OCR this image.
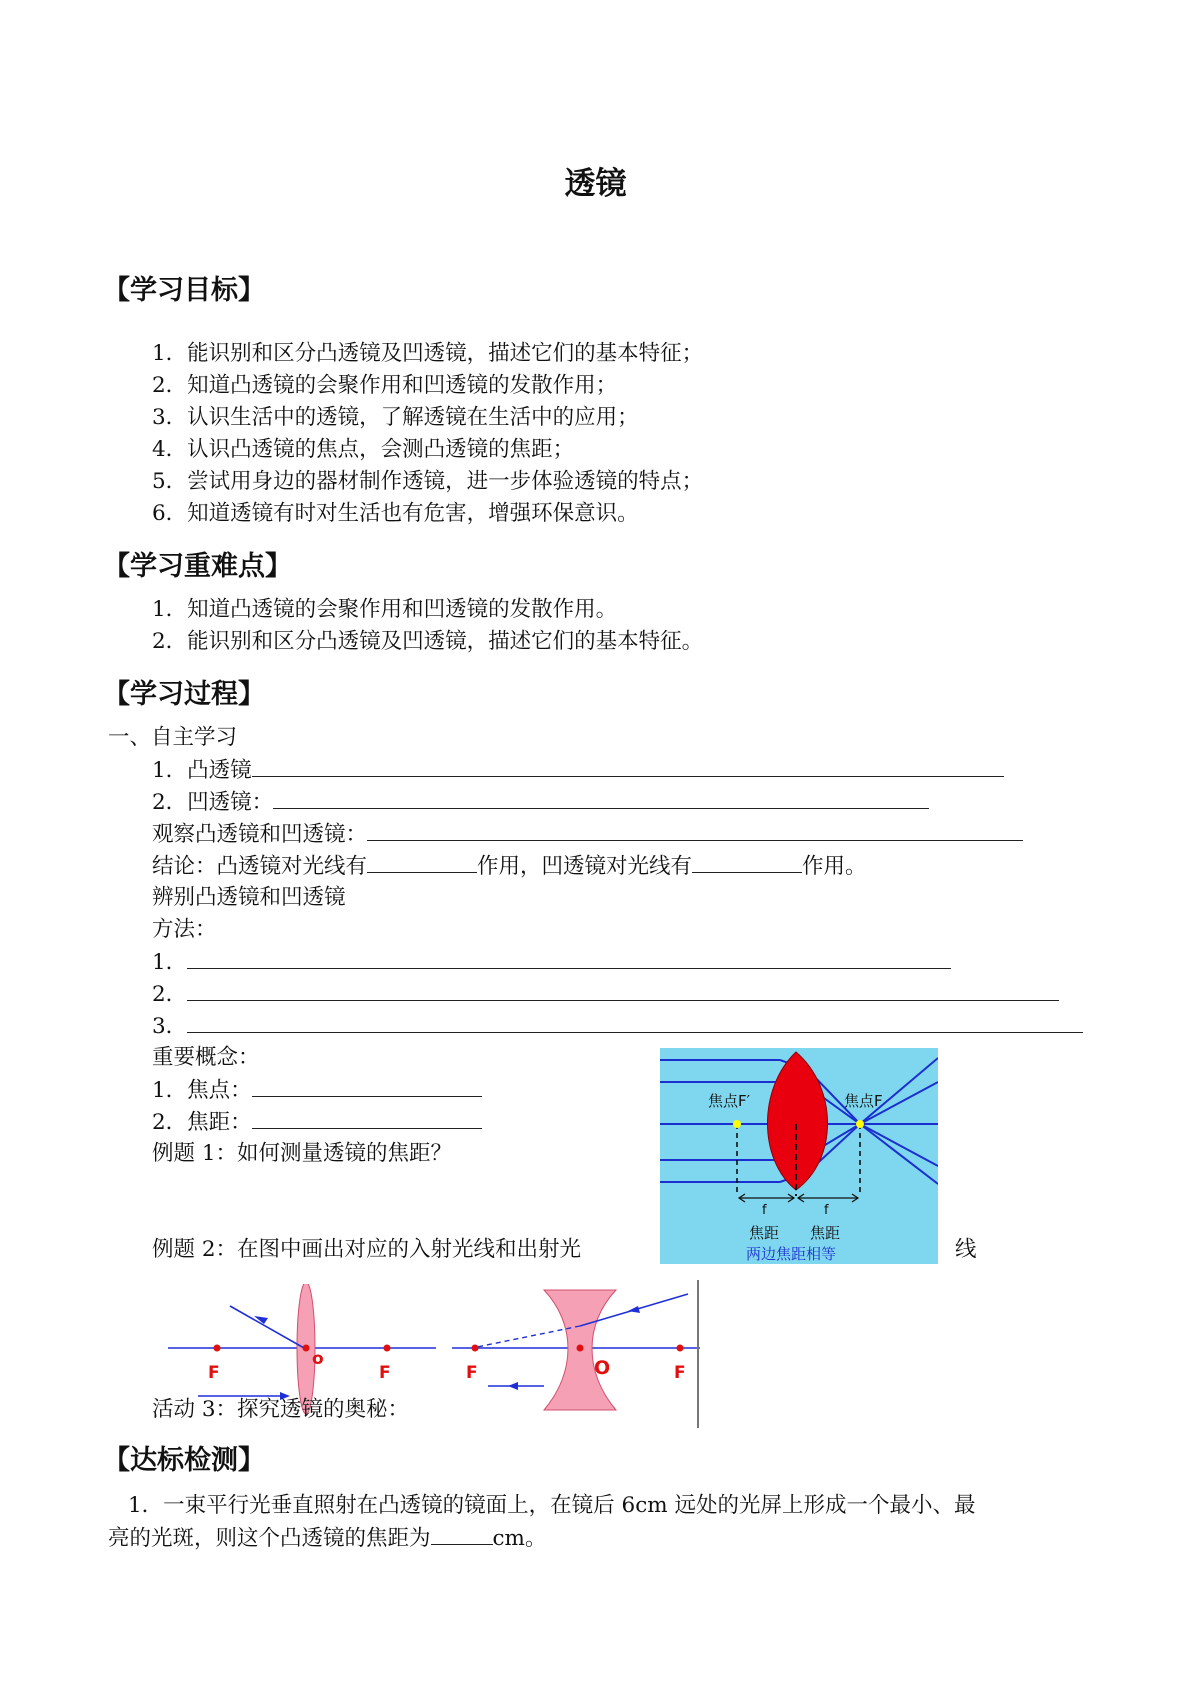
透镜
【学习目标】
1．能识别和区分凸透镜及凹透镜，描述它们的基本特征；
2．知道凸透镜的会聚作用和凹透镜的发散作用；
3．认识生活中的透镜，了解透镜在生活中的应用；
4．认识凸透镜的焦点，会测凸透镜的焦距；
5．尝试用身边的器材制作透镜，进一步体验透镜的特点；
6．知道透镜有时对生活也有危害，增强环保意识。
【学习重难点】
1．知道凸透镜的会聚作用和凹透镜的发散作用。
2．能识别和区分凸透镜及凹透镜，描述它们的基本特征。
【学习过程】
一、自主学习
1．凸透镜
2．凹透镜：
观察凸透镜和凹透镜：
结论：凸透镜对光线有	作用，凹透镜对光线有	作用。
辨别凸透镜和凹透镜
方法：
1．
2．
3．
重要概念：
1．焦点：
2．焦距：
例题 1：如何测量透镜的焦距？
例题 2：在图中画出对应的入射光线和出射光	线
焦点F′	焦点F
f	f
焦距 焦距
两边焦距相等
F
o
F	F	O	F
活动 3：探究透镜的奥秘：
【达标检测】
1．一束平行光垂直照射在凸透镜的镜面上，在镜后 6cm 远处的光屏上形成一个最小、最
亮的光斑，则这个凸透镜的焦距为	cm。
